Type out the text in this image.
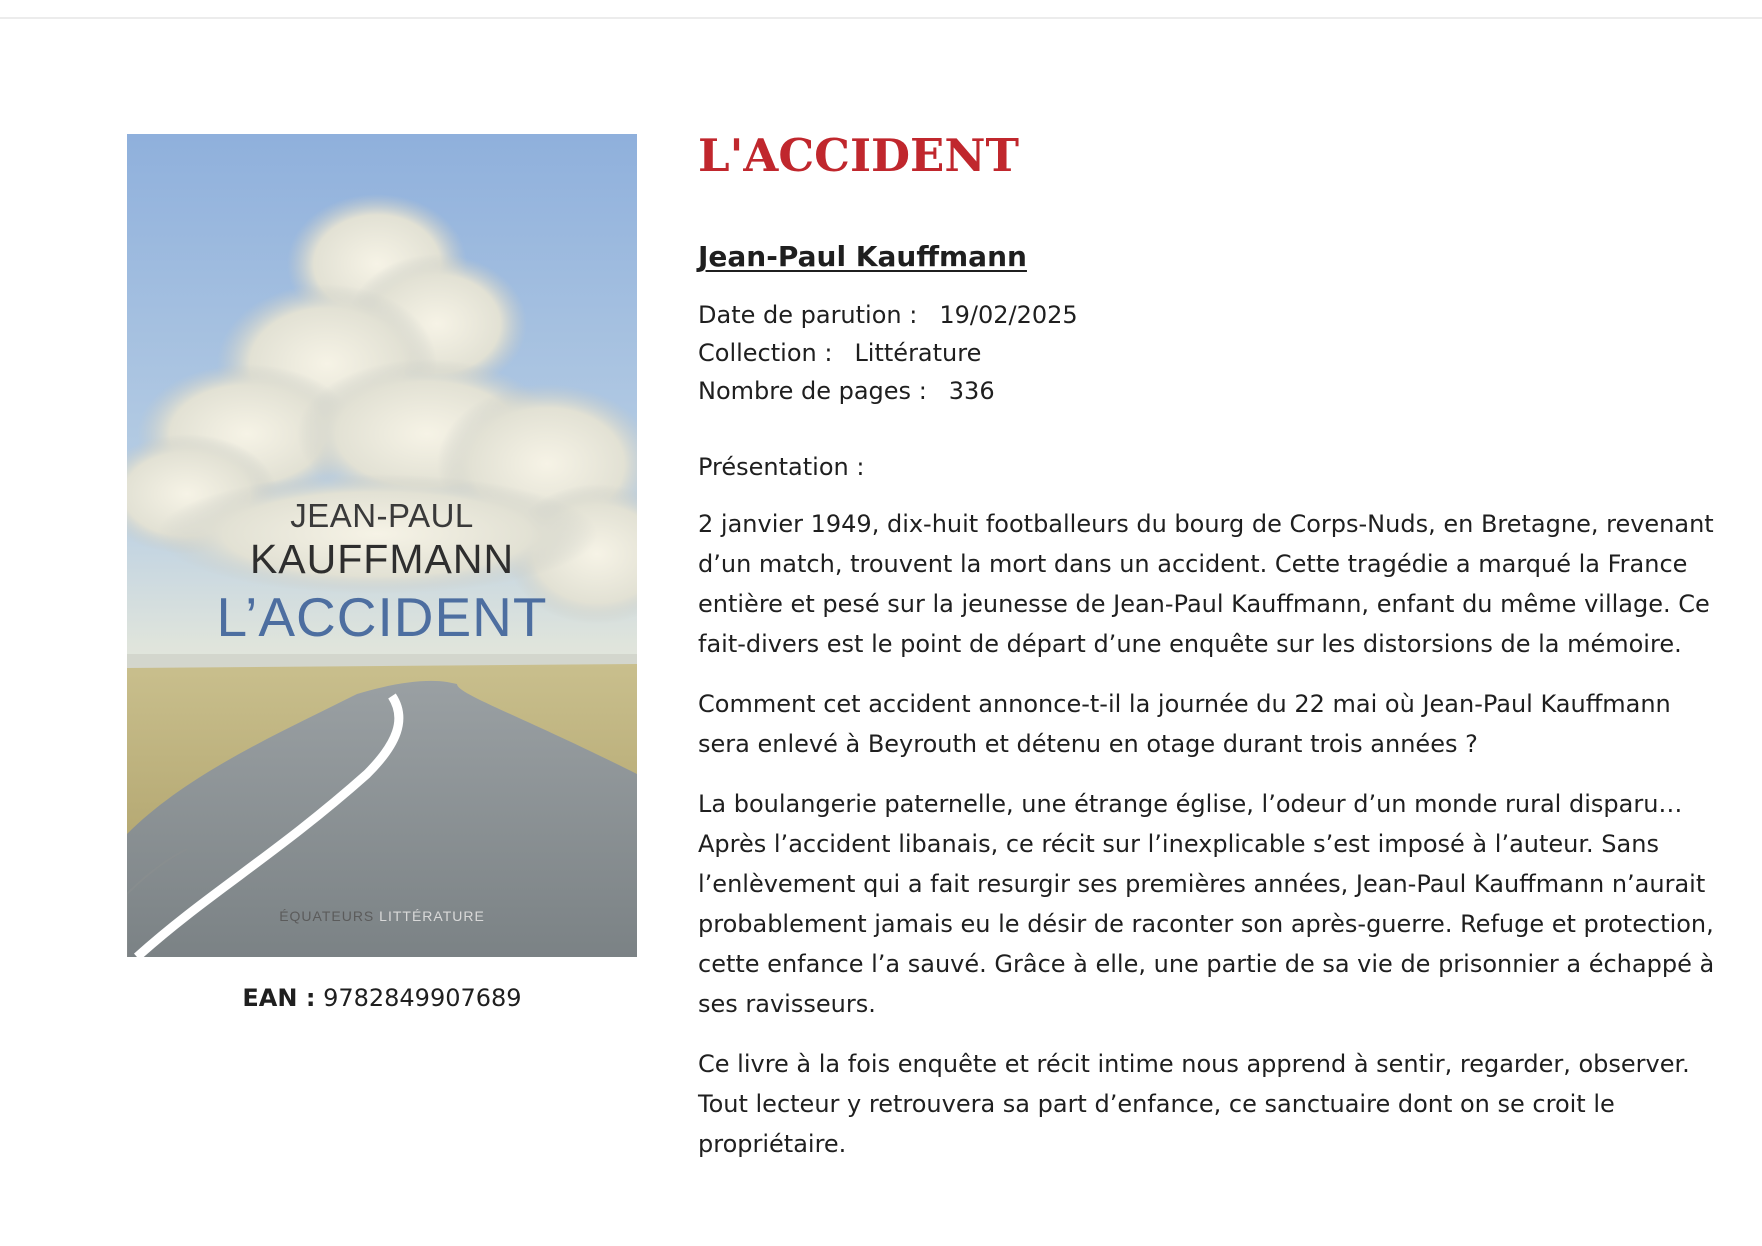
JEAN-PAUL
KAUFFMANN
L’ACCIDENT
ÉQUATEURS LITTÉRATURE
EAN : 9782849907689
L'ACCIDENT
Jean-Paul Kauffmann
Date de parution : 19/02/2025
Collection : Littérature
Nombre de pages : 336
Présentation :

2 janvier 1949, dix-huit footballeurs du bourg de Corps-Nuds, en Bretagne, revenant d’un match, trouvent la mort dans un accident. Cette tragédie a marqué la France entière et pesé sur la jeunesse de Jean-Paul Kauffmann, enfant du même village. Ce fait-divers est le point de départ d’une enquête sur les distorsions de la mémoire.

Comment cet accident annonce-t-il la journée du 22 mai où Jean-Paul Kauffmann sera enlevé à Beyrouth et détenu en otage durant trois années ?

La boulangerie paternelle, une étrange église, l’odeur d’un monde rural disparu… Après l’accident libanais, ce récit sur l’inexplicable s’est imposé à l’auteur. Sans l’enlèvement qui a fait resurgir ses premières années, Jean-Paul Kauffmann n’aurait probablement jamais eu le désir de raconter son après-guerre. Refuge et protection, cette enfance l’a sauvé. Grâce à elle, une partie de sa vie de prisonnier a échappé à ses ravisseurs.

Ce livre à la fois enquête et récit intime nous apprend à sentir, regarder, observer. Tout lecteur y retrouvera sa part d’enfance, ce sanctuaire dont on se croit le propriétaire.
